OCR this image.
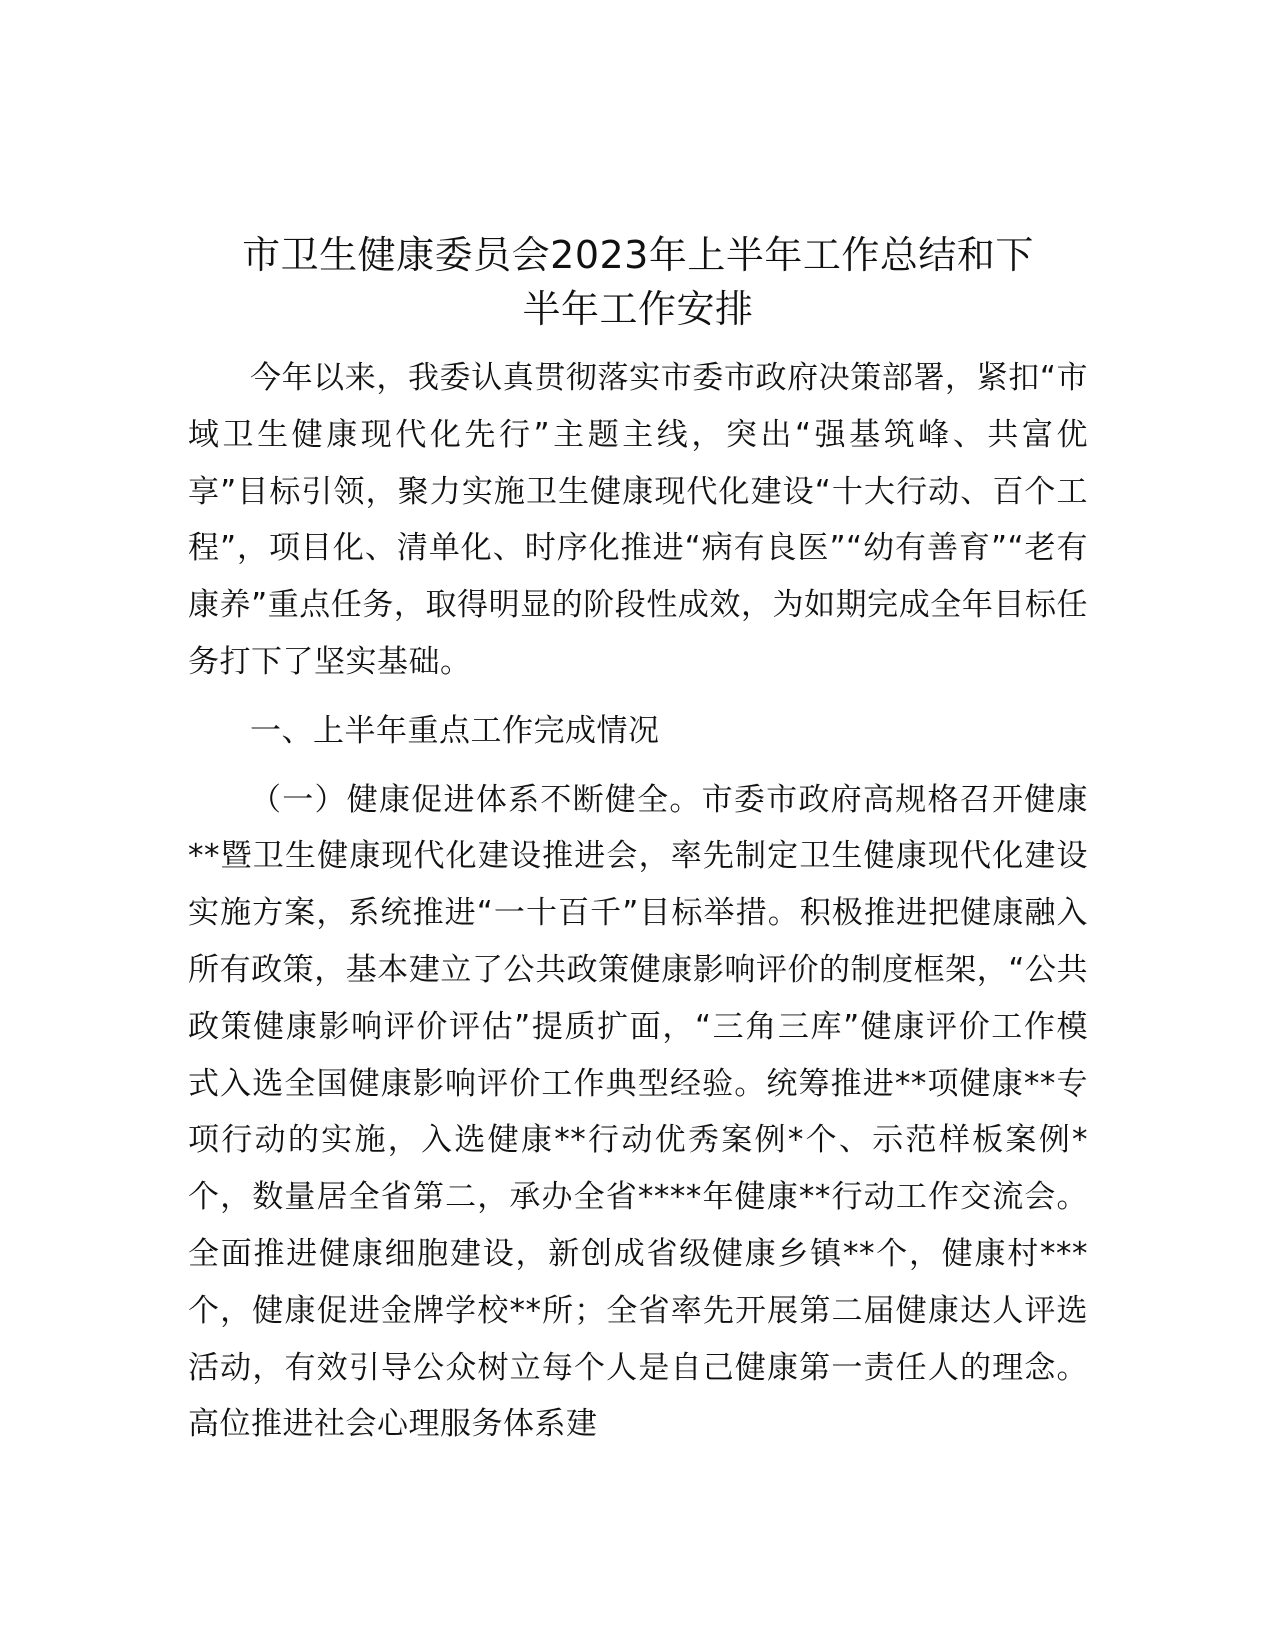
市卫生健康委员会2023年上半年工作总结和下
半年工作安排

今年以来，我委认真贯彻落实市委市政府决策部署，紧扣“市域卫生健康现代化先行”主题主线，突出“强基筑峰、共富优享”目标引领，聚力实施卫生健康现代化建设“十大行动、百个工程”，项目化、清单化、时序化推进“病有良医”“幼有善育”“老有康养”重点任务，取得明显的阶段性成效，为如期完成全年目标任务打下了坚实基础。

一、上半年重点工作完成情况

（一）健康促进体系不断健全。市委市政府高规格召开健康**暨卫生健康现代化建设推进会，率先制定卫生健康现代化建设实施方案，系统推进“一十百千”目标举措。积极推进把健康融入所有政策，基本建立了公共政策健康影响评价的制度框架，“公共政策健康影响评价评估”提质扩面，“三角三库”健康评价工作模式入选全国健康影响评价工作典型经验。统筹推进**项健康**专项行动的实施，入选健康**行动优秀案例*个、示范样板案例*个，数量居全省第二，承办全省****年健康**行动工作交流会。全面推进健康细胞建设，新创成省级健康乡镇**个，健康村***个，健康促进金牌学校**所；全省率先开展第二届健康达人评选活动，有效引导公众树立每个人是自己健康第一责任人的理念。高位推进社会心理服务体系建
